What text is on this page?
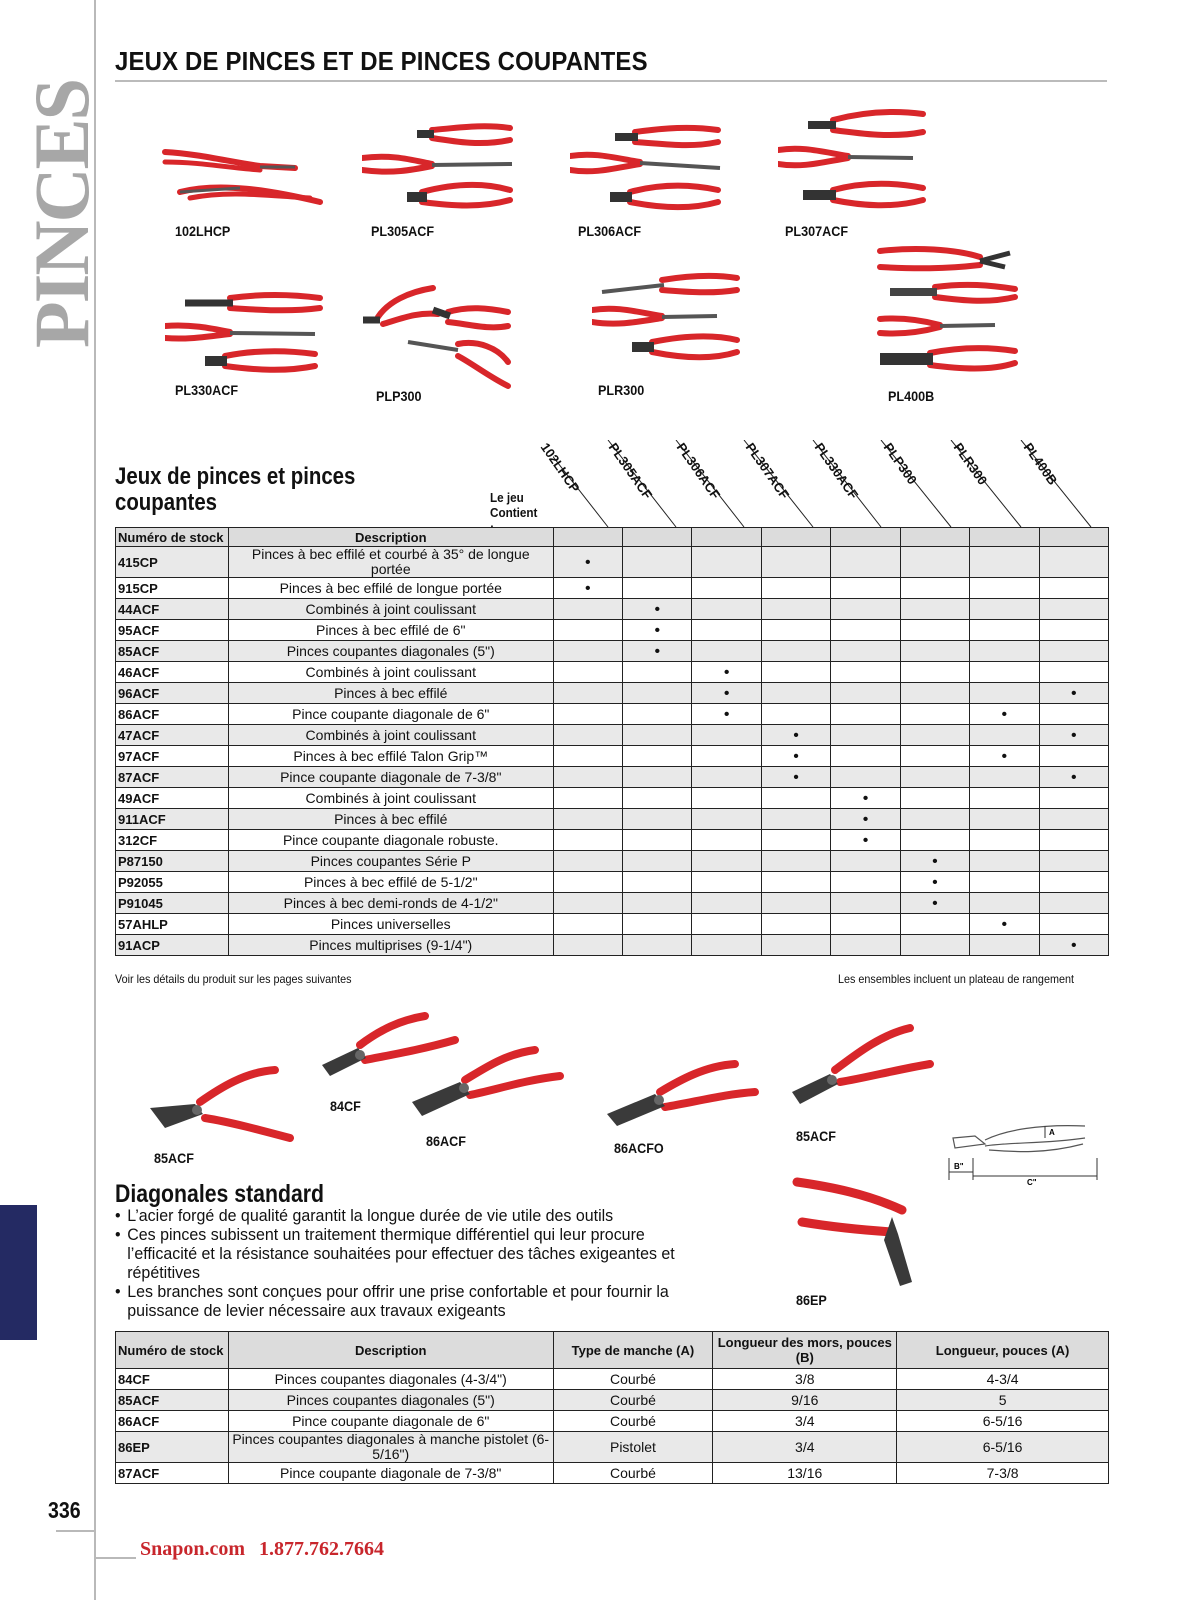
PINCES
336
Snapon.com 1.877.762.7664
JEUX DE PINCES ET DE PINCES COUPANTES
102LHCP	PL305ACF	PL306ACF	PL307ACF
PL330ACF	PLP300	PLR300	PL400B
Jeux de pinces et pinces coupantes	Le jeu Contient
102LHCP PL305ACF PL306ACF PL307ACF PL330ACF PLP300 PLR300 PL400B
Numéro de stock	Description								
415CP	Pinces à bec effilé et courbé à 35° de longue portée	•							
915CP	Pinces à bec effilé de longue portée	•							
44ACF	Combinés à joint coulissant		•						
95ACF	Pinces à bec effilé de 6"		•						
85ACF	Pinces coupantes diagonales (5")		•						
46ACF	Combinés à joint coulissant			•					
96ACF	Pinces à bec effilé			•					•
86ACF	Pince coupante diagonale de 6"			•				•	
47ACF	Combinés à joint coulissant				•				•
97ACF	Pinces à bec effilé Talon Grip™				•			•	
87ACF	Pince coupante diagonale de 7-3/8"				•				•
49ACF	Combinés à joint coulissant					•			
911ACF	Pinces à bec effilé					•			
312CF	Pince coupante diagonale robuste.					•			
P87150	Pinces coupantes Série P						•		
P92055	Pinces à bec effilé de 5-1/2"						•		
P91045	Pinces à bec demi-ronds de 4-1/2"						•		
57AHLP	Pinces universelles							•	
91ACP	Pinces multiprises (9-1/4")								•
Voir les détails du produit sur les pages suivantes	Les ensembles incluent un plateau de rangement
85ACF
84CF
86ACF	86ACFO
85ACF
86EP
A
B"
C"
Diagonales standard
• L’acier forgé de qualité garantit la longue durée de vie utile des outils
• Ces pinces subissent un traitement thermique différentiel qui leur procure l’efficacité et la résistance souhaitées pour effectuer des tâches exigeantes et répétitives
• Les branches sont conçues pour offrir une prise confortable et pour fournir la puissance de levier nécessaire aux travaux exigeants
Numéro de stock	Description	Type de manche (A)	Longueur des mors, pouces (B)	Longueur, pouces (A)
84CF	Pinces coupantes diagonales (4-3/4")	Courbé	3/8	4-3/4
85ACF	Pinces coupantes diagonales (5")	Courbé	9/16	5
86ACF	Pince coupante diagonale de 6"	Courbé	3/4	6-5/16
86EP	Pinces coupantes diagonales à manche pistolet (6-5/16")	Pistolet	3/4	6-5/16
87ACF	Pince coupante diagonale de 7-3/8"	Courbé	13/16	7-3/8
